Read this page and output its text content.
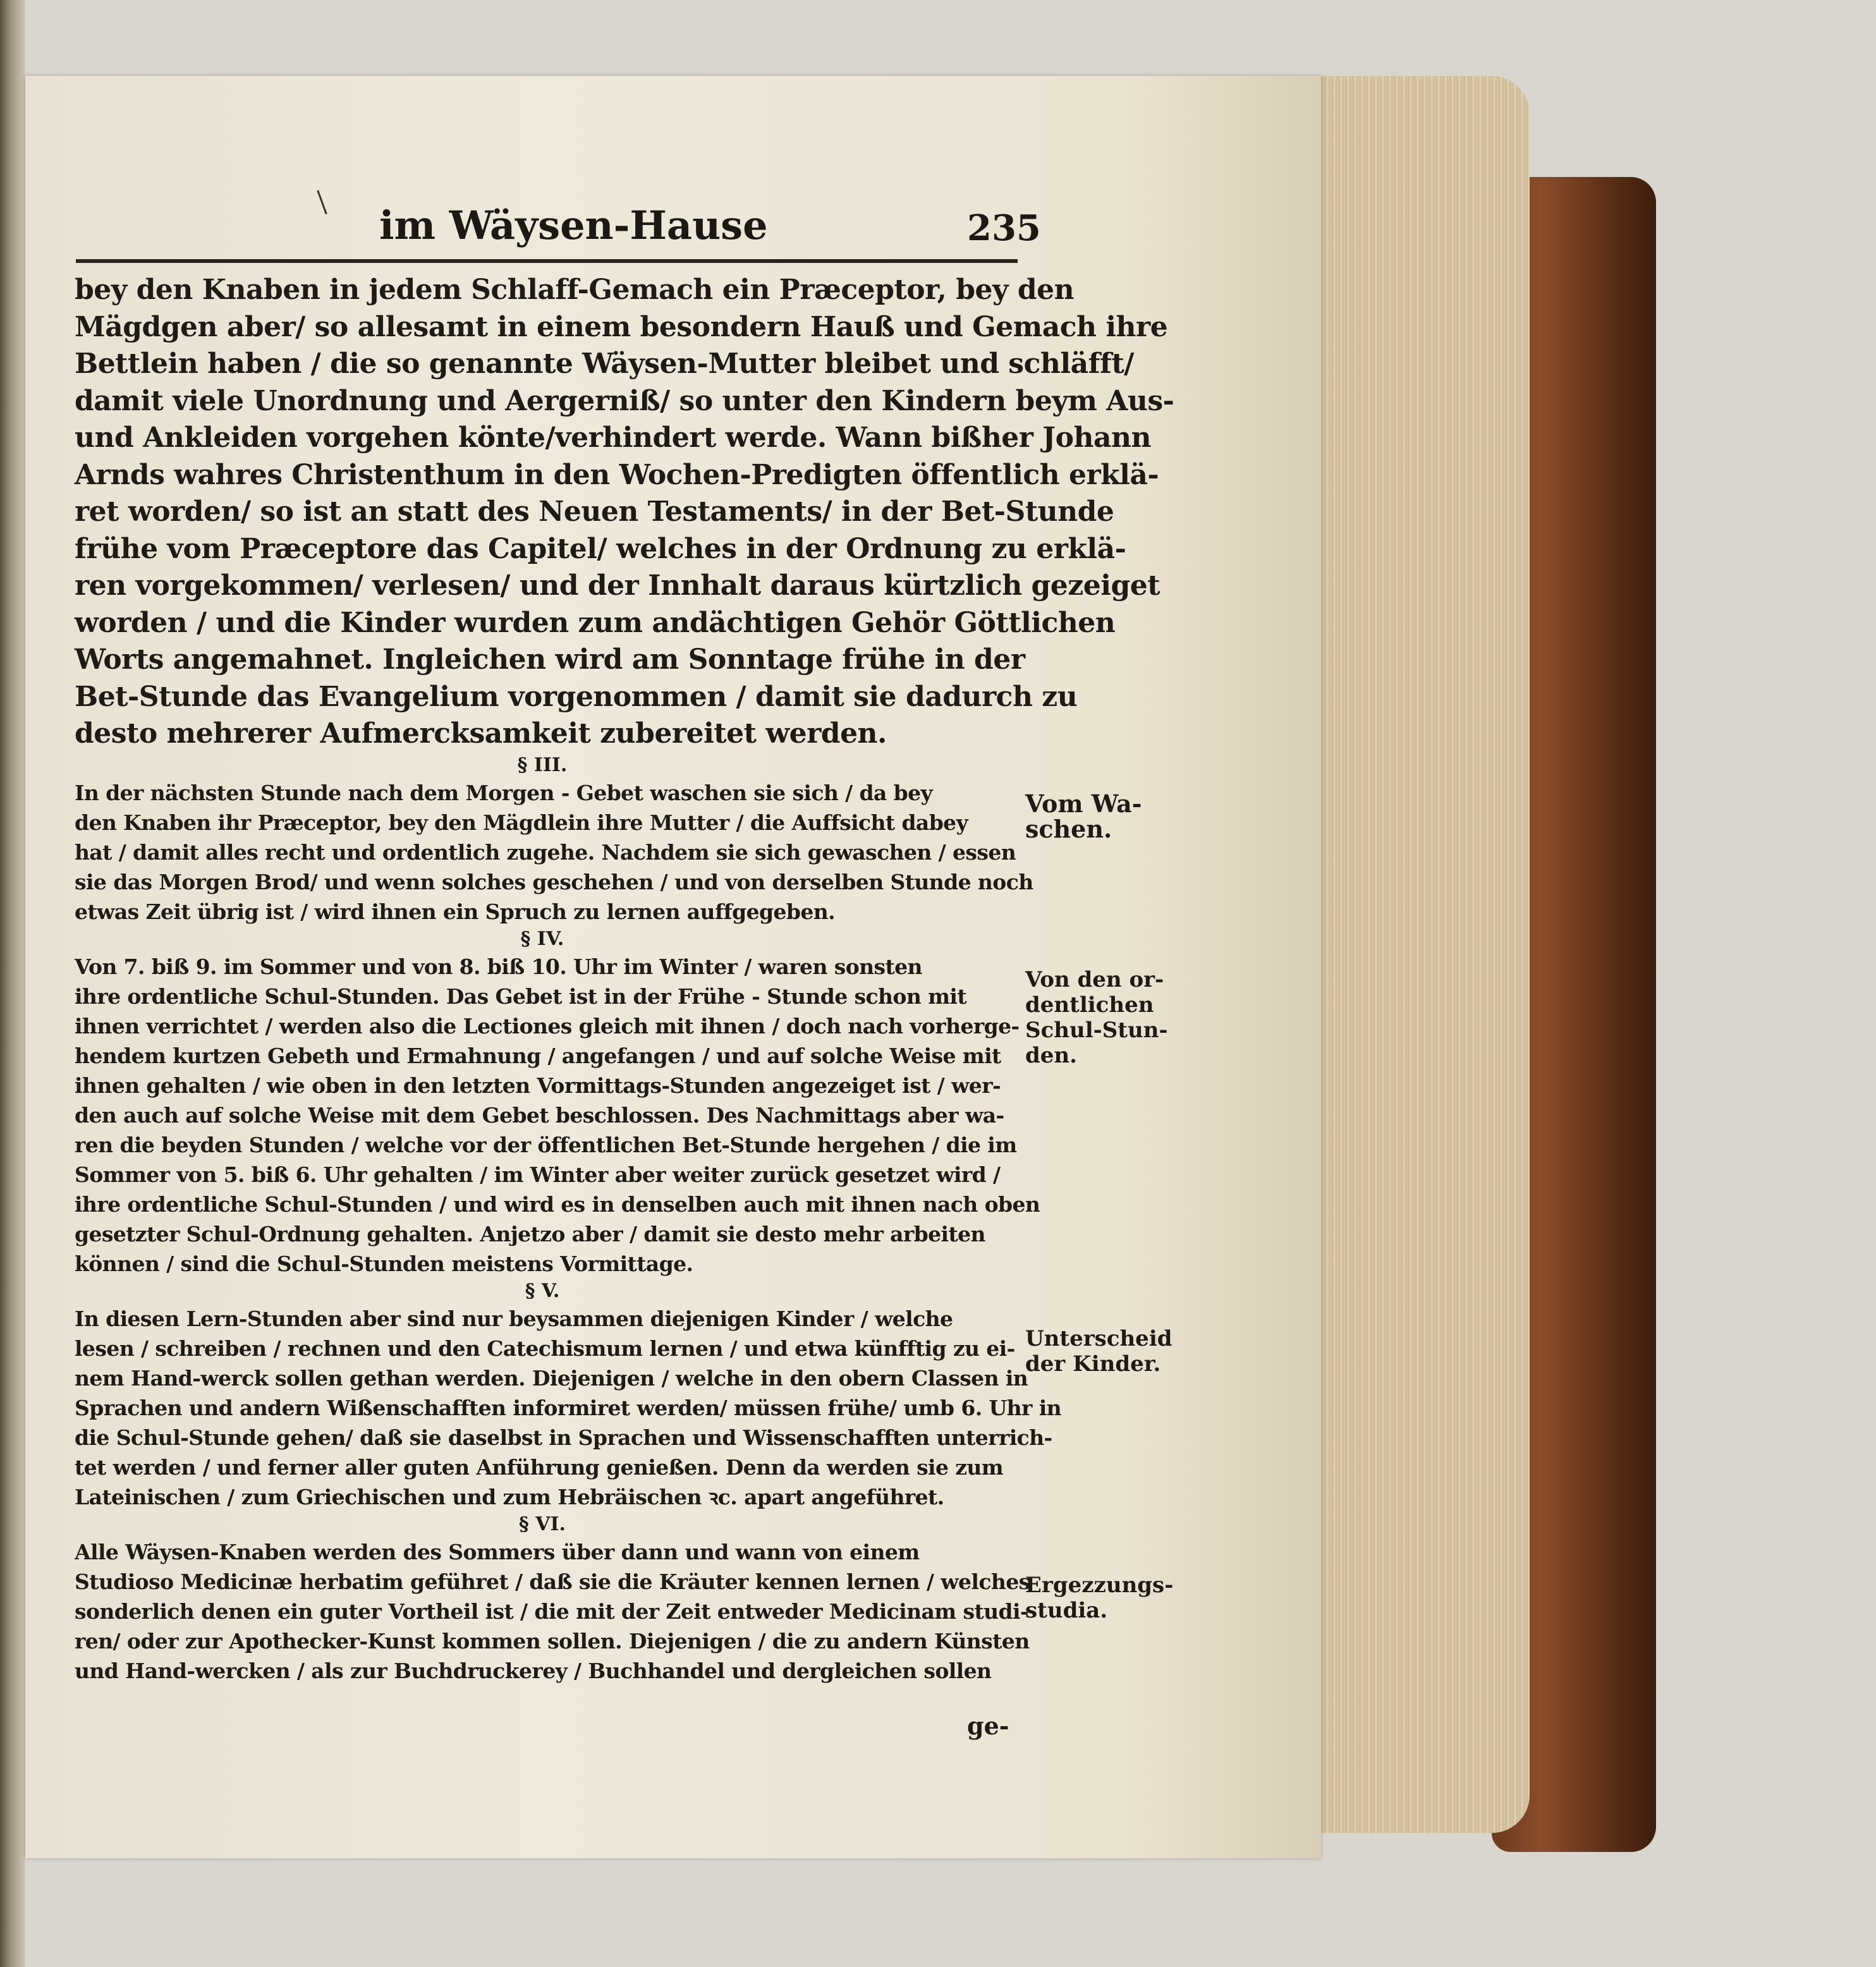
im Wäysen-Hause	235
bey den Knaben in jedem Schlaff-Gemach ein Præceptor, bey den
Mägdgen aber/ so allesamt in einem besondern Hauß und Gemach ihre
Bettlein haben / die so genannte Wäysen-Mutter bleibet und schläfft/
damit viele Unordnung und Aergerniß/ so unter den Kindern beym Aus-
und Ankleiden vorgehen könte/verhindert werde. Wann bißher Johann
Arnds wahres Christenthum in den Wochen-Predigten öffentlich erklä-
ret worden/ so ist an statt des Neuen Testaments/ in der Bet-Stunde
frühe vom Præceptore das Capitel/ welches in der Ordnung zu erklä-
ren vorgekommen/ verlesen/ und der Innhalt daraus kürtzlich gezeiget
worden / und die Kinder wurden zum andächtigen Gehör Göttlichen
Worts angemahnet. Ingleichen wird am Sonntage frühe in der
Bet-Stunde das Evangelium vorgenommen / damit sie dadurch zu
desto mehrerer Aufmercksamkeit zubereitet werden.
§ III.
In der nächsten Stunde nach dem Morgen - Gebet waschen sie sich / da bey
den Knaben ihr Præceptor, bey den Mägdlein ihre Mutter / die Auffsicht dabey
hat / damit alles recht und ordentlich zugehe. Nachdem sie sich gewaschen / essen
sie das Morgen Brod/ und wenn solches geschehen / und von derselben Stunde noch
etwas Zeit übrig ist / wird ihnen ein Spruch zu lernen auffgegeben.
§ IV.
Von 7. biß 9. im Sommer und von 8. biß 10. Uhr im Winter / waren sonsten
ihre ordentliche Schul-Stunden. Das Gebet ist in der Frühe - Stunde schon mit
ihnen verrichtet / werden also die Lectiones gleich mit ihnen / doch nach vorherge-
hendem kurtzen Gebeth und Ermahnung / angefangen / und auf solche Weise mit
ihnen gehalten / wie oben in den letzten Vormittags-Stunden angezeiget ist / wer-
den auch auf solche Weise mit dem Gebet beschlossen. Des Nachmittags aber wa-
ren die beyden Stunden / welche vor der öffentlichen Bet-Stunde hergehen / die im
Sommer von 5. biß 6. Uhr gehalten / im Winter aber weiter zurück gesetzet wird /
ihre ordentliche Schul-Stunden / und wird es in denselben auch mit ihnen nach oben
gesetzter Schul-Ordnung gehalten. Anjetzo aber / damit sie desto mehr arbeiten
können / sind die Schul-Stunden meistens Vormittage.
§ V.
In diesen Lern-Stunden aber sind nur beysammen diejenigen Kinder / welche
lesen / schreiben / rechnen und den Catechismum lernen / und etwa künfftig zu ei-
nem Hand-werck sollen gethan werden. Diejenigen / welche in den obern Classen in
Sprachen und andern Wißenschafften informiret werden/ müssen frühe/ umb 6. Uhr in
die Schul-Stunde gehen/ daß sie daselbst in Sprachen und Wissenschafften unterrich-
tet werden / und ferner aller guten Anführung genießen. Denn da werden sie zum
Lateinischen / zum Griechischen und zum Hebräischen ꝛc. apart angeführet.
§ VI.
Alle Wäysen-Knaben werden des Sommers über dann und wann von einem
Studioso Medicinæ herbatim geführet / daß sie die Kräuter kennen lernen / welches
sonderlich denen ein guter Vortheil ist / die mit der Zeit entweder Medicinam studi-
ren/ oder zur Apothecker-Kunst kommen sollen. Diejenigen / die zu andern Künsten
und Hand-wercken / als zur Buchdruckerey / Buchhandel und dergleichen sollen
Vom Wa-
schen.
Von den or-
dentlichen
Schul-Stun-
den.
Unterscheid
der Kinder.
Ergezzungs-
studia.
ge-
